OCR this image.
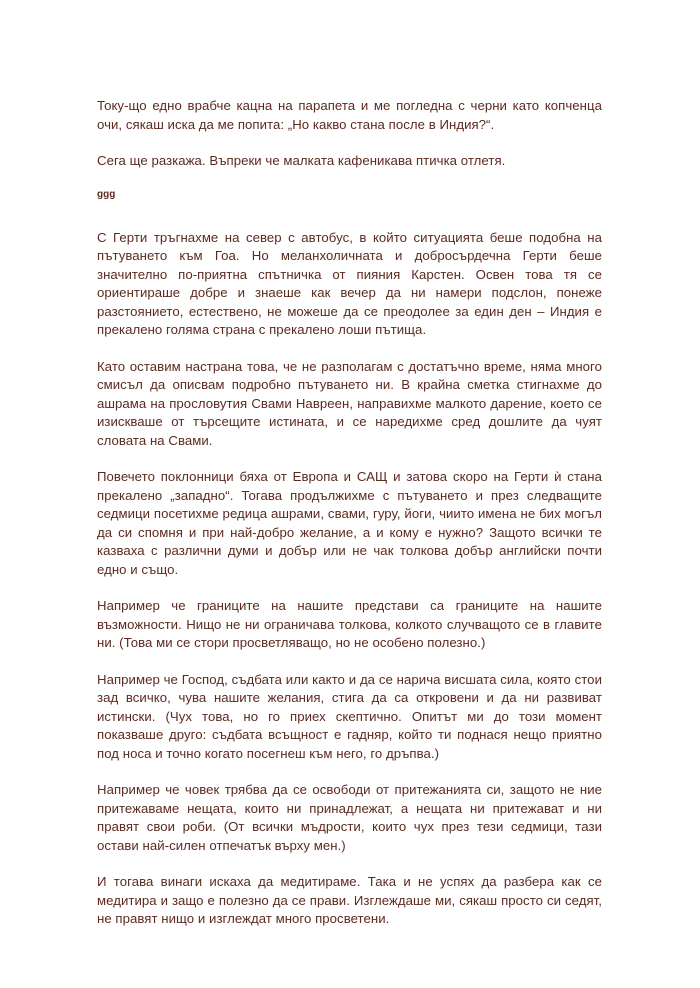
Току-що едно врабче кацна на парапета и ме погледна с черни като копченца очи, сякаш иска да ме попита: „Но какво стана после в Индия?“.

Сега ще разкажа. Въпреки че малката кафеникава птичка отлетя.

ggg

С Герти тръгнахме на север с автобус, в който ситуацията беше подобна на пътуването към Гоа. Но меланхоличната и добросърдечна Герти беше значително по-приятна спътничка от пияния Карстен. Освен това тя се ориентираше добре и знаеше как вечер да ни намери подслон, понеже разстоянието, естествено, не можеше да се преодолее за един ден – Индия е прекалено голяма страна с прекалено лоши пътища.

Като оставим настрана това, че не разполагам с достатъчно време, няма много смисъл да описвам подробно пътуването ни. В крайна сметка стигнахме до ашрама на прословутия Свами Навреен, направихме малкото дарение, което се изискваше от търсещите истината, и се наредихме сред дошлите да чуят словата на Свами.

Повечето поклонници бяха от Европа и САЩ и затова скоро на Герти ѝ стана прекалено „западно“. Тогава продължихме с пътуването и през следващите седмици посетихме редица ашрами, свами, гуру, йоги, чиито имена не бих могъл да си спомня и при най-добро желание, а и кому е нужно? Защото всички те казваха с различни думи и добър или не чак толкова добър английски почти едно и също.

Например че границите на нашите представи са границите на нашите възможности. Нищо не ни ограничава толкова, колкото случващото се в главите ни. (Това ми се стори просветляващо, но не особено полезно.)

Например че Господ, съдбата или както и да се нарича висшата сила, която стои зад всичко, чува нашите желания, стига да са откровени и да ни развиват истински. (Чух това, но го приех скептично. Опитът ми до този момент показваше друго: съдбата всъщност е гадняр, който ти поднася нещо приятно под носа и точно когато посегнеш към него, го дръпва.)

Например че човек трябва да се освободи от притежанията си, защото не ние притежаваме нещата, които ни принадлежат, а нещата ни притежават и ни правят свои роби. (От всички мъдрости, които чух през тези седмици, тази остави най-силен отпечатък върху мен.)

И тогава винаги искаха да медитираме. Така и не успях да разбера как се медитира и защо е полезно да се прави. Изглеждаше ми, сякаш просто си седят, не правят нищо и изглеждат много просветени.
